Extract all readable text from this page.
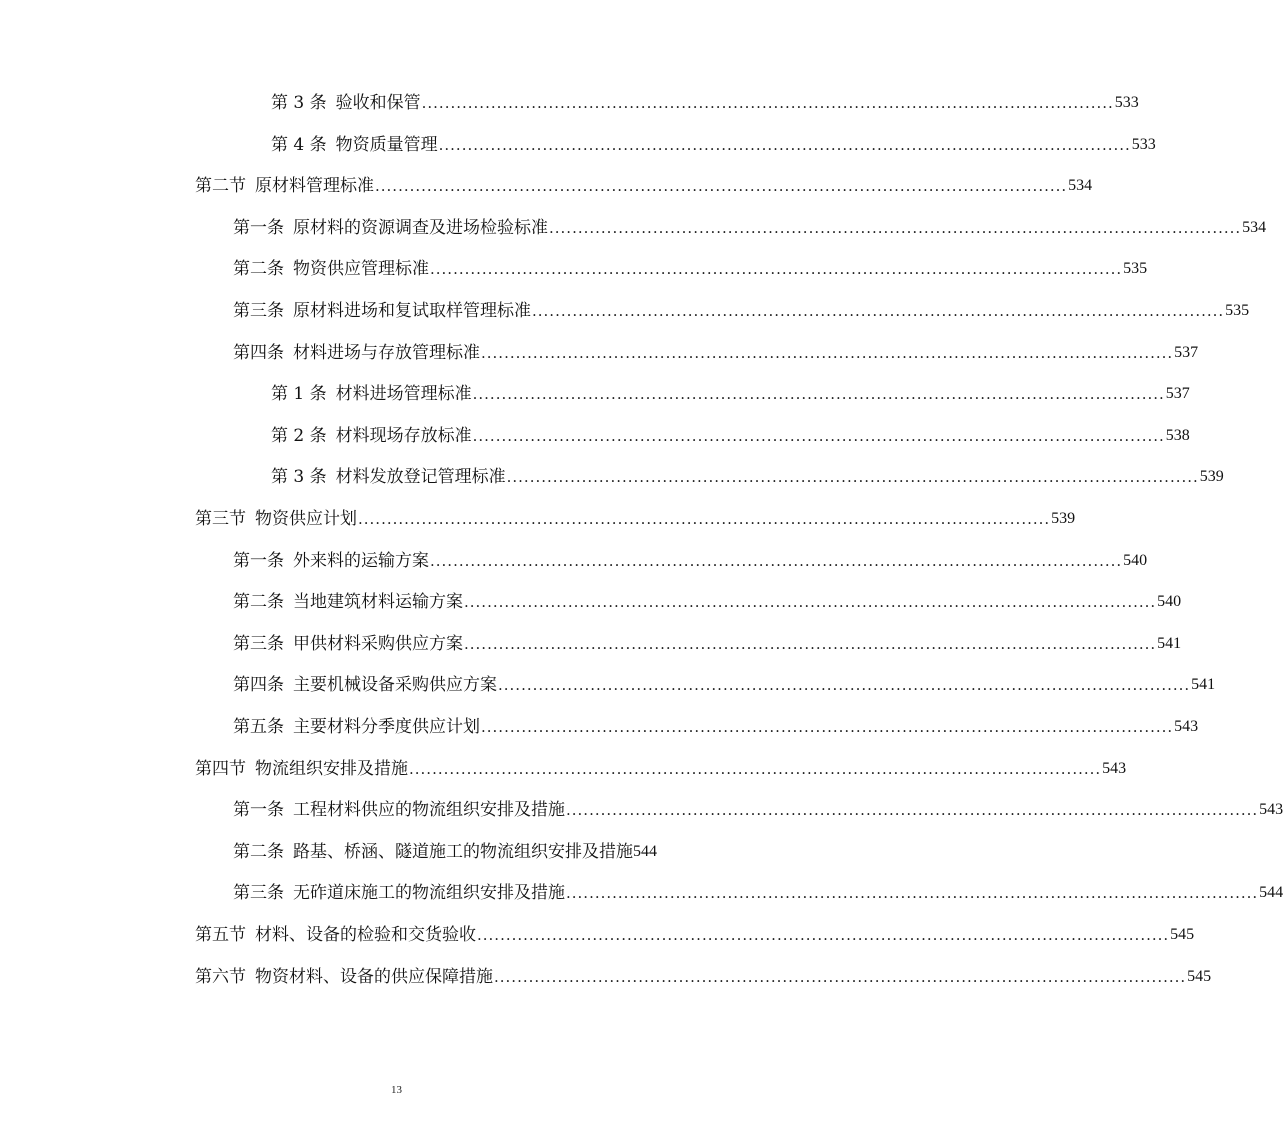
第 3 条 验收和保管 ........................................................................................................................ 533
第 4 条 物资质量管理 ........................................................................................................................ 533
第二节 原材料管理标准 ........................................................................................................................ 534
第一条 原材料的资源调查及进场检验标准 ........................................................................................................................ 534
第二条 物资供应管理标准 ........................................................................................................................ 535
第三条 原材料进场和复试取样管理标准 ........................................................................................................................ 535
第四条 材料进场与存放管理标准 ........................................................................................................................ 537
第 1 条 材料进场管理标准 ........................................................................................................................ 537
第 2 条 材料现场存放标准 ........................................................................................................................ 538
第 3 条 材料发放登记管理标准 ........................................................................................................................ 539
第三节 物资供应计划 ........................................................................................................................ 539
第一条 外来料的运输方案 ........................................................................................................................ 540
第二条 当地建筑材料运输方案 ........................................................................................................................ 540
第三条 甲供材料采购供应方案 ........................................................................................................................ 541
第四条 主要机械设备采购供应方案 ........................................................................................................................ 541
第五条 主要材料分季度供应计划 ........................................................................................................................ 543
第四节 物流组织安排及措施 ........................................................................................................................ 543
第一条 工程材料供应的物流组织安排及措施 ........................................................................................................................ 543
第二条 路基、桥涵、隧道施工的物流组织安排及措施 544
第三条 无砟道床施工的物流组织安排及措施 ........................................................................................................................ 544
第五节 材料、设备的检验和交货验收 ........................................................................................................................ 545
第六节 物资材料、设备的供应保障措施 ........................................................................................................................ 545
13
